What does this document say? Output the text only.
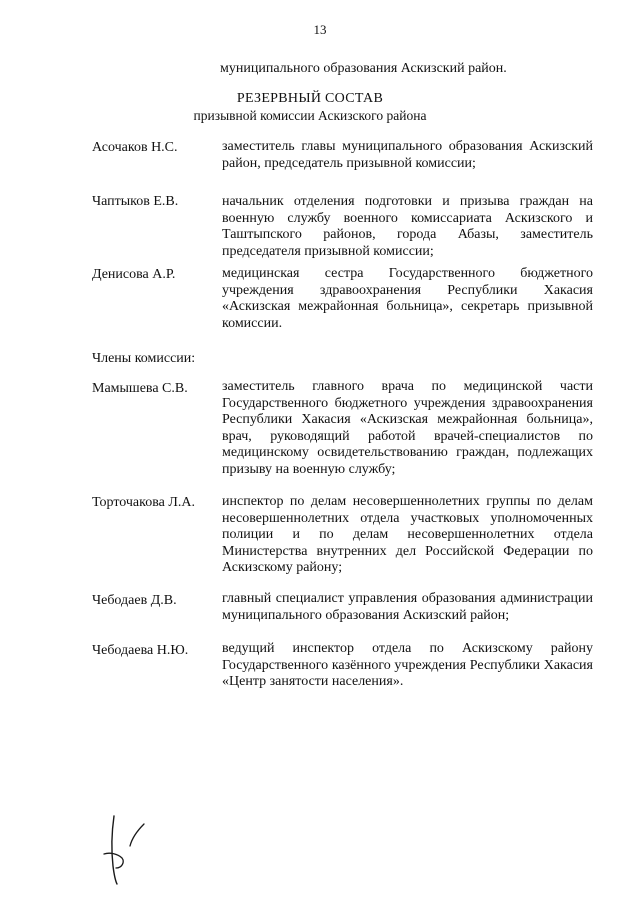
13
муниципального образования Аскизский район.
РЕЗЕРВНЫЙ СОСТАВ
призывной комиссии Аскизского района
Асочаков Н.С.	заместитель главы муниципального образования Аскизский район, председатель призывной комиссии;
Чаптыков Е.В.	начальник отделения подготовки и призыва граждан на военную службу военного комиссариата Аскизского и Таштыпского районов, города Абазы, заместитель председателя призывной комиссии;
Денисова А.Р.	медицинская сестра Государственного бюджетного учреждения здравоохранения Республики Хакасия «Аскизская межрайонная больница», секретарь призывной комиссии.
Члены комиссии:
Мамышева С.В. заместитель главного врача по медицинской части Государственного бюджетного учреждения здравоохранения Республики Хакасия «Аскизская межрайонная больница», врач, руководящий работой врачей-специалистов по медицинскому освидетельствованию граждан, подлежащих призыву на военную службу;
Торточакова Л.А. инспектор по делам несовершеннолетних группы по делам несовершеннолетних отдела участковых уполномоченных полиции и по делам несовершеннолетних отдела Министерства внутренних дел Российской Федерации по Аскизскому району;
Чебодаев Д.В.	главный специалист управления образования администрации муниципального образования Аскизский район;
Чебодаева Н.Ю. ведущий инспектор отдела по Аскизскому району Государственного казённого учреждения Республики Хакасия «Центр занятости населения».
